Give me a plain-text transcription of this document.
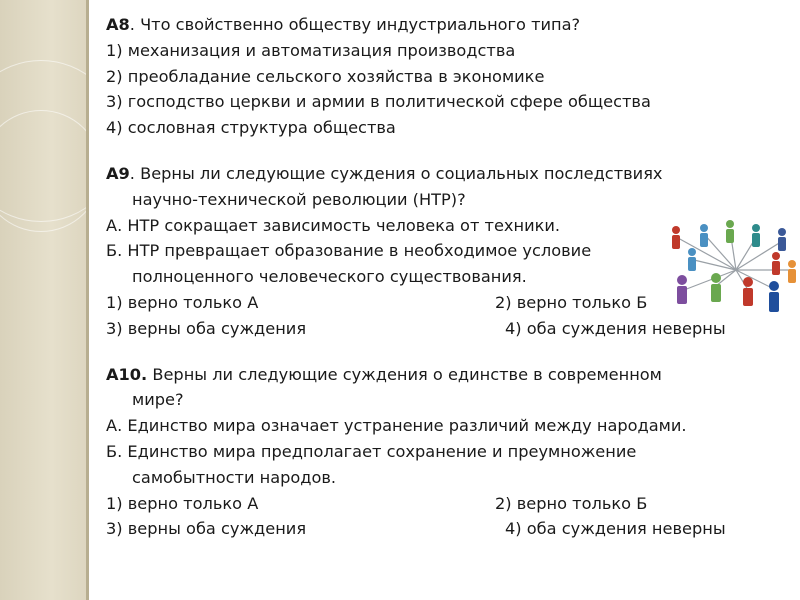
А8. Что свойственно обществу индустриального типа?
1) механизация и автоматизация производства
2) преобладание сельского хозяйства в экономике
3) господство церкви и армии в политической сфере общества
4) сословная структура общества
А9. Верны ли следующие суждения о социальных последствиях
научно-технической революции (НТР)?
А. НТР сокращает зависимость человека от техники.
Б. НТР превращает образование в необходимое условие
полноценного человеческого существования.
1) верно только А	2) верно только Б
3) верны оба суждения	4) оба суждения неверны
А10. Верны ли следующие суждения о единстве в современном
мире?
А. Единство мира означает устранение различий между народами.
Б. Единство мира предполагает сохранение и преумножение
самобытности народов.
1) верно только А	2) верно только Б
3) верны оба суждения	4) оба суждения неверны
